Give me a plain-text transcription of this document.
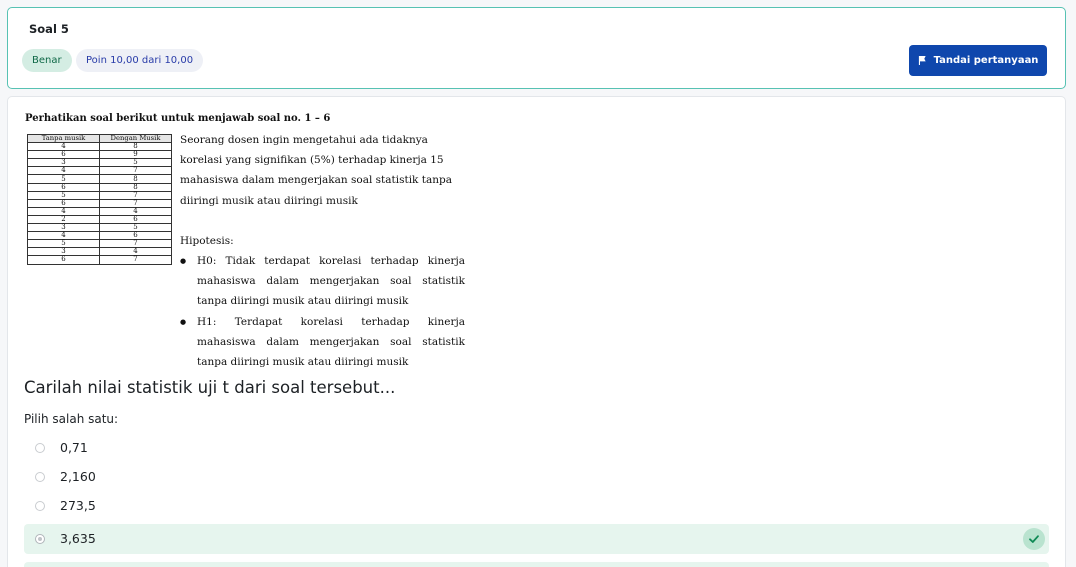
Soal 5
Benar	Poin 10,00 dari 10,00	Tandai pertanyaan
Perhatikan soal berikut untuk menjawab soal no. 1 – 6
Tanpa musik	Dengan Musik
4	8
6	9
3	5
4	7
5	8
6	8
5	7
6	7
4	4
2	6
3	5
4	6
5	7
3	4
6	7

Seorang dosen ingin mengetahui ada tidaknya korelasi yang signifikan (5%) terhadap kinerja 15 mahasiswa dalam mengerjakan soal statistik tanpa diiringi musik atau diiringi musik

Hipotesis:

● H0: Tidak terdapat korelasi terhadap kinerja mahasiswa dalam mengerjakan soal statistik tanpa diiringi musik atau diiringi musik
● H1: Terdapat korelasi terhadap kinerja mahasiswa dalam mengerjakan soal statistik tanpa diiringi musik atau diiringi musik
Carilah nilai statistik uji t dari soal tersebut...
Pilih salah satu:
0,71
2,160
273,5
3,635
